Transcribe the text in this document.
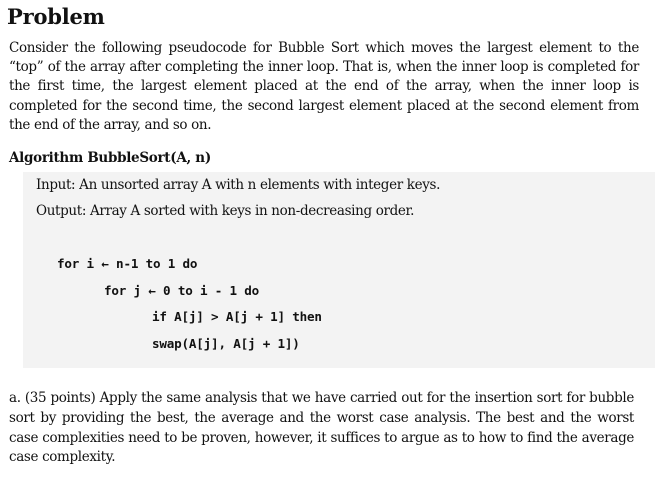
Problem
Consider the following pseudocode for Bubble Sort which moves the largest element to the “top” of the array after completing the inner loop. That is, when the inner loop is completed for the first time, the largest element placed at the end of the array, when the inner loop is completed for the second time, the second largest element placed at the second element from the end of the array, and so on.
Algorithm BubbleSort(A, n)
Input: An unsorted array A with n elements with integer keys.
Output: Array A sorted with keys in non-decreasing order.
for i ← n-1 to 1 do
for j ← 0 to i - 1 do
if A[j] > A[j + 1] then
swap(A[j], A[j + 1])
a. (35 points) Apply the same analysis that we have carried out for the insertion sort for bubble sort by providing the best, the average and the worst case analysis. The best and the worst case complexities need to be proven, however, it suffices to argue as to how to find the average case complexity.
